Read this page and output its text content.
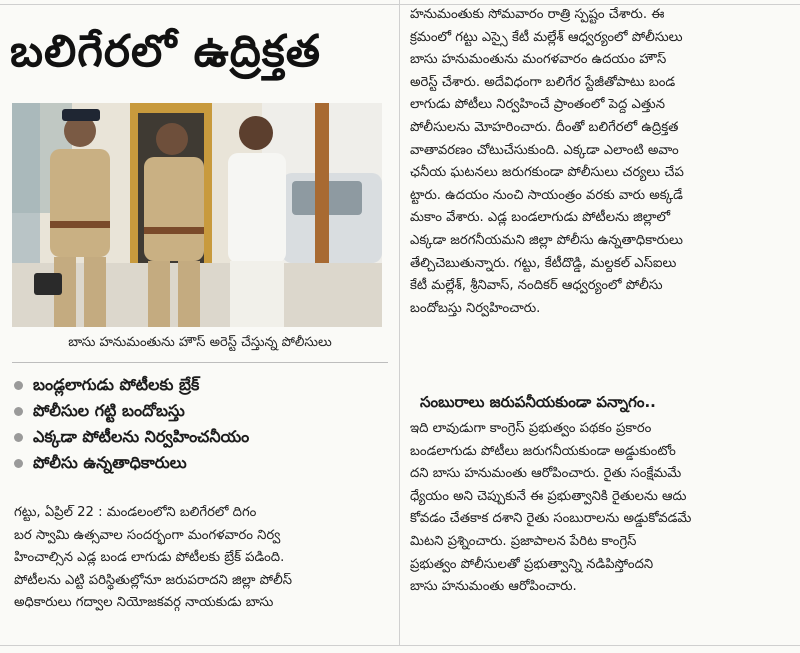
బలిగేరలో ఉద్రిక్తత
బాసు హనుమంతును హౌస్ అరెస్ట్ చేస్తున్న పోలీసులు
బండ్లలాగుడు పోటీలకు బ్రేక్
పోలీసుల గట్టి బందోబస్తు
ఎక్కడా పోటీలను నిర్వహించనీయం
పోలీసు ఉన్నతాధికారులు
గట్టు, ఏప్రిల్ 22 : మండలంలోని బలిగేరలో దిగం
బర స్వామి ఉత్సవాల సందర్భంగా మంగళవారం నిర్వ
హించాల్సిన ఎడ్ల బండ లాగుడు పోటీలకు బ్రేక్ పడింది.
పోటీలను ఎట్టి పరిస్థితుల్లోనూ జరుపరాదని జిల్లా పోలీస్
అధికారులు గద్వాల నియోజకవర్గ నాయకుడు బాసు
హనుమంతుకు సోమవారం రాత్రి స్పష్టం చేశారు. ఈ
క్రమంలో గట్టు ఎస్సై కేటీ మల్లేశ్ ఆధ్వర్యంలో పోలీసులు
బాసు హనుమంతును మంగళవారం ఉదయం హౌస్
అరెస్ట్ చేశారు. అదేవిధంగా బలిగేర స్టేజీతోపాటు బండ
లాగుడు పోటీలు నిర్వహించే ప్రాంతంలో పెద్ద ఎత్తున
పోలీసులను మోహరించారు. దీంతో బలిగేరలో ఉద్రిక్తత
వాతావరణం చోటుచేసుకుంది. ఎక్కడా ఎలాంటి అవాం
ఛనీయ ఘటనలు జరుగకుండా పోలీసులు చర్యలు చేప
ట్టారు. ఉదయం నుంచి సాయంత్రం వరకు వారు అక్కడే
మకాం వేశారు. ఎడ్ల బండలాగుడు పోటీలను జిల్లాలో
ఎక్కడా జరగనీయమని జిల్లా పోలీసు ఉన్నతాధికారులు
తేల్చిచెబుతున్నారు. గట్టు, కేటీదొడ్డి, మల్దకల్ ఎస్ఐలు
కేటీ మల్లేశ్, శ్రీనివాస్, నందికర్ ఆధ్వర్యంలో పోలీసు
బందోబస్తు నిర్వహించారు.
సంబురాలు జరుపనీయకుండా పన్నాగం..
ఇది లావుడుగా కాంగ్రెస్ ప్రభుత్వం పథకం ప్రకారం
బండలాగుడు పోటీలు జరుగనీయకుండా అడ్డుకుంటోం
దని బాసు హనుమంతు ఆరోపించారు. రైతు సంక్షేమమే
ధ్యేయం అని చెప్పుకునే ఈ ప్రభుత్వానికి రైతులను ఆదు
కోవడం చేతకాక దశాని రైతు సంబురాలను అడ్డుకోవడమే
మిటని ప్రశ్నించారు. ప్రజాపాలన పేరిట కాంగ్రెస్
ప్రభుత్వం పోలీసులతో ప్రభుత్వాన్ని నడిపిస్తోందని
బాసు హనుమంతు ఆరోపించారు.
